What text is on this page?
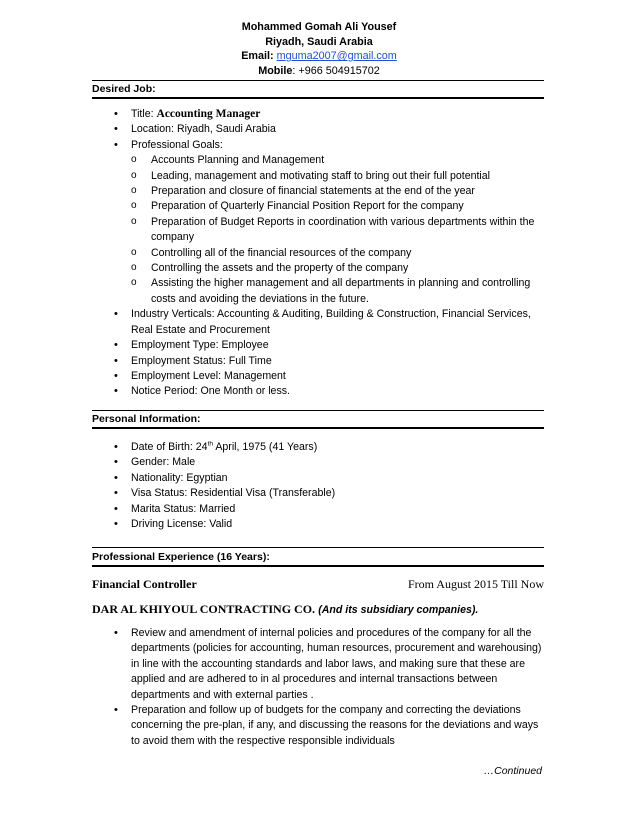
Mohammed Gomah Ali Yousef
Riyadh, Saudi Arabia
Email: mguma2007@gmail.com
Mobile: +966 504915702
Desired Job:
• Title: Accounting Manager
• Location: Riyadh, Saudi Arabia
• Professional Goals:
o Accounts Planning and Management
o Leading, management and motivating staff to bring out their full potential
o Preparation and closure of financial statements at the end of the year
o Preparation of Quarterly Financial Position Report for the company
o Preparation of Budget Reports in coordination with various departments within the company
o Controlling all of the financial resources of the company
o Controlling the assets and the property of the company
o Assisting the higher management and all departments in planning and controlling costs and avoiding the deviations in the future.
• Industry Verticals: Accounting & Auditing, Building & Construction, Financial Services, Real Estate and Procurement
• Employment Type: Employee
• Employment Status: Full Time
• Employment Level: Management
• Notice Period: One Month or less.
Personal Information:
• Date of Birth: 24th April, 1975 (41 Years)
• Gender: Male
• Nationality: Egyptian
• Visa Status: Residential Visa (Transferable)
• Marita Status: Married
• Driving License: Valid
Professional Experience (16 Years):
Financial Controller	From August 2015 Till Now
DAR AL KHIYOUL CONTRACTING CO. (And its subsidiary companies).
• Review and amendment of internal policies and procedures of the company for all the departments (policies for accounting, human resources, procurement and warehousing) in line with the accounting standards and labor laws, and making sure that these are applied and are adhered to in al procedures and internal transactions between departments and with external parties .
• Preparation and follow up of budgets for the company and correcting the deviations concerning the pre-plan, if any, and discussing the reasons for the deviations and ways to avoid them with the respective responsible individuals
…Continued
